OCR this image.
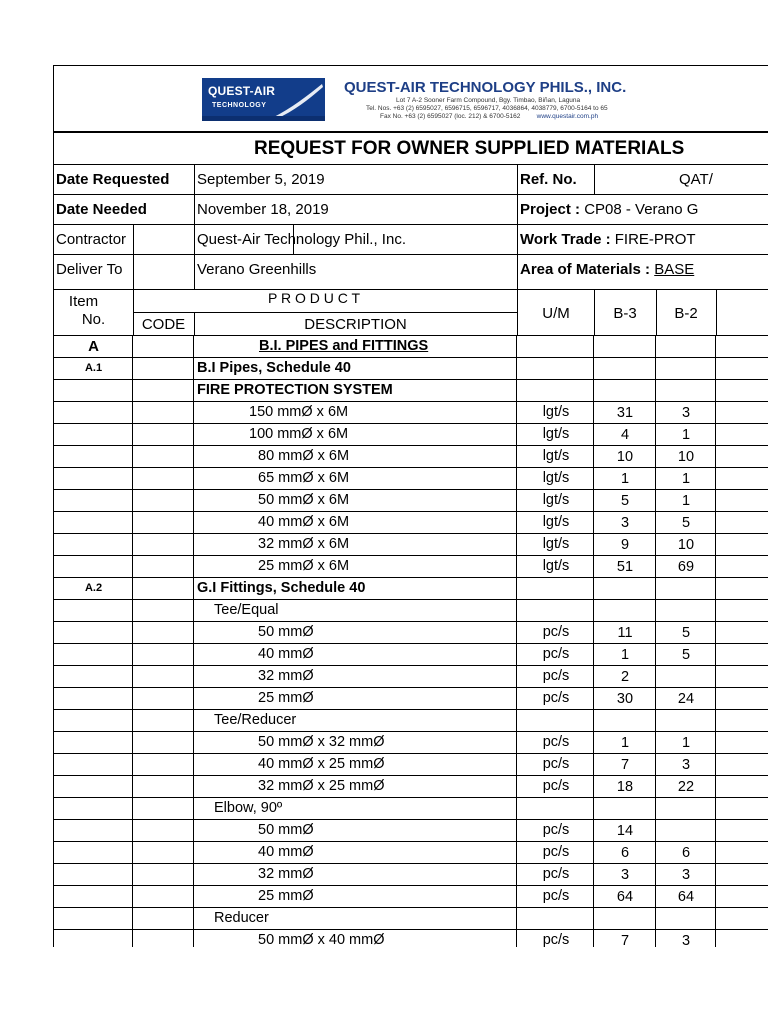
QUEST-AIR
TECHNOLOGY
QUEST-AIR TECHNOLOGY PHILS., INC.
Lot 7 A-2 Sooner Farm Compound, Bgy. Timbao, Biñan, Laguna
Tel. Nos. +63 (2) 6595027, 6596715, 6596717, 4036864, 4038779, 6700-5164 to 65
Fax No. +63 (2) 6595027 (loc. 212) & 6700-5162	www.questair.com.ph
REQUEST FOR OWNER SUPPLIED MATERIALS
Date Requested September 5, 2019	Ref. No.	QAT/
Date Needed	November 18, 2019	Project : CP08 - Verano G
Contractor	Quest-Air Technology Phil., Inc.	Work Trade : FIRE-PROT
Deliver To	Verano Greenhills	Area of Materials : BASE
Item
No.
P R O D U C T
CODE	DESCRIPTION
U/M	B-3	B-2
A	B.I. PIPES and FITTINGS
A.1	B.I Pipes, Schedule 40
FIRE PROTECTION SYSTEM
150 mmØ x 6M	lgt/s	31	3
100 mmØ x 6M	lgt/s	4	1
80 mmØ x 6M	lgt/s	10	10
65 mmØ x 6M	lgt/s	1	1
50 mmØ x 6M	lgt/s	5	1
40 mmØ x 6M	lgt/s	3	5
32 mmØ x 6M	lgt/s	9	10
25 mmØ x 6M	lgt/s	51	69
A.2	G.I Fittings, Schedule 40
Tee/Equal
50 mmØ	pc/s	11	5
40 mmØ	pc/s	1	5
32 mmØ	pc/s	2
25 mmØ	pc/s	30	24
Tee/Reducer
50 mmØ x 32 mmØ	pc/s	1	1
40 mmØ x 25 mmØ	pc/s	7	3
32 mmØ x 25 mmØ	pc/s	18	22
Elbow, 90º
50 mmØ	pc/s	14
40 mmØ	pc/s	6	6
32 mmØ	pc/s	3	3
25 mmØ	pc/s	64	64
Reducer
50 mmØ x 40 mmØ	pc/s	7	3
